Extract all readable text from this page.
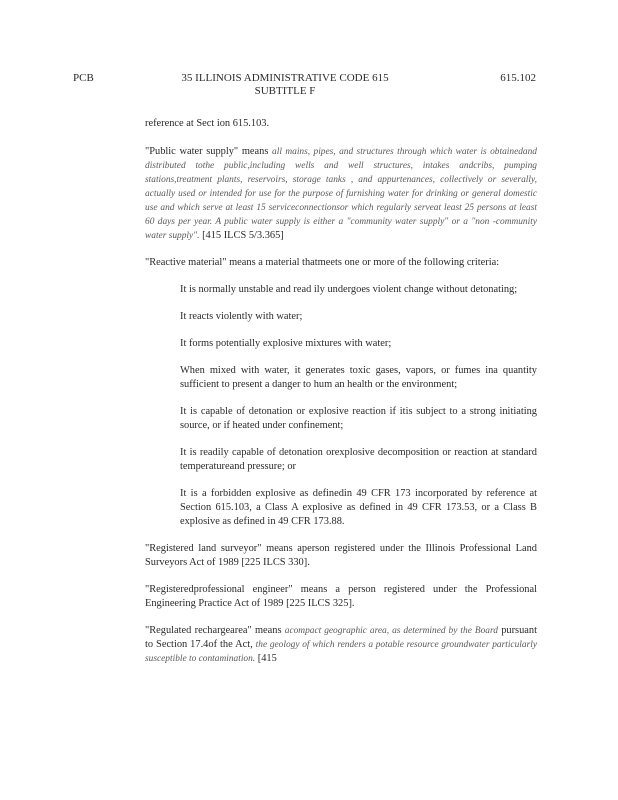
PCB	35 ILLINOIS ADMINISTRATIVE CODE 615
SUBTITLE F
615.102

reference at Sect ion 615.103.

"Public water supply" means all mains, pipes, and structures through which water is obtainedand distributed tothe public,including wells and well structures, intakes andcribs, pumping stations,treatment plants, reservoirs, storage tanks , and appurtenances, collectively or severally, actually used or intended for use for the purpose of furnishing water for drinking or general domestic use and which serve at least 15 serviceconnectionsor which regularly serveat least 25 persons at least 60 days per year. A public water supply is either a "community water supply" or a "non -community water supply". [415 ILCS 5/3.365]

"Reactive material" means a material thatmeets one or more of the following criteria:

It is normally unstable and read ily undergoes violent change without detonating;

It reacts violently with water;

It forms potentially explosive mixtures with water;

When mixed with water, it generates toxic gases, vapors, or fumes ina quantity sufficient to present a danger to hum an health or the environment;

It is capable of detonation or explosive reaction if itis subject to a strong initiating source, or if heated under confinement;

It is readily capable of detonation orexplosive decomposition or reaction at standard temperatureand pressure; or

It is a forbidden explosive as definedin 49 CFR 173 incorporated by reference at Section 615.103, a Class A explosive as defined in 49 CFR 173.53, or a Class B explosive as defined in 49 CFR 173.88.

"Registered land surveyor" means aperson registered under the Illinois Professional Land Surveyors Act of 1989 [225 ILCS 330].

"Registeredprofessional engineer" means a person registered under the Professional Engineering Practice Act of 1989 [225 ILCS 325].

"Regulated rechargearea" means acompact geographic area, as determined by the Board pursuant to Section 17.4of the Act, the geology of which renders a potable resource groundwater particularly susceptible to contamination. [415
